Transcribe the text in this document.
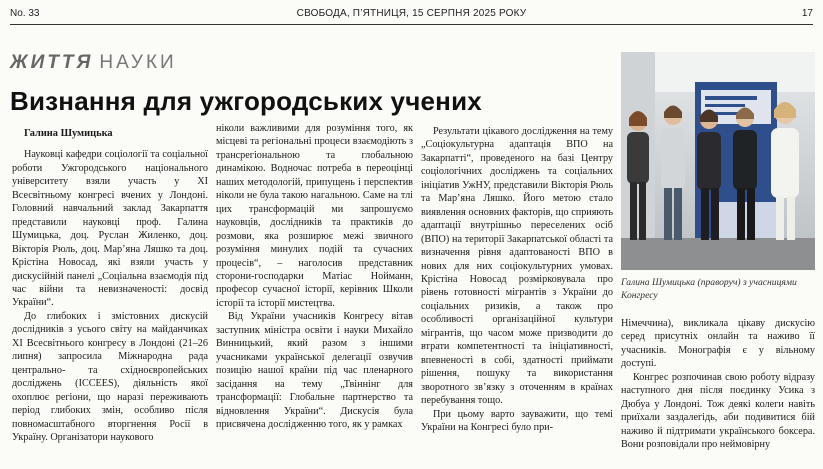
No. 33	СВОБОДА, П’ЯТНИЦЯ, 15 СЕРПНЯ 2025 РОКУ	17
ЖИТТЯ НАУКИ
Визнання для ужгородських учених

Галина Шумицька

Науковці кафедри соціології та соціальної роботи Ужгородського національного університету взяли участь у XI Всесвітньому конгресі вчених у Лондоні. Головний навчальний заклад Закарпаття представили науковці проф. Галина Шумицька, доц. Руслан Жиленко, доц. Вікторія Рюль, доц. Мар’яна Ляшко та доц. Крістіна Новосад, які взяли участь у дискусійній панелі „Соціальна взаємодія під час війни та невизначеності: досвід України“.

До глибоких і змістовних дискусій дослідників з усього світу на майданчиках XI Всесвітнього конгресу в Лондоні (21–26 липня) запросила Міжнародна рада центрально- та східноєвропейських досліджень (ICCEES), діяльність якої охоплює регіони, що наразі переживають період глибоких змін, особливо після повномасштабного вторгнення Росії в Україну. Організатори наукового

ніколи важливими для розуміння того, як місцеві та регіональні процеси взаємодіють з трансрегіональною та глобальною динамікою. Водночас потреба в переоцінці наших методологій, припущень і перспектив ніколи не була такою нагальною. Саме на тлі цих трансформацій ми запрошуємо науковців, дослідників та практиків до розмови, яка розширює межі звичного розуміння минулих подій та сучасних процесів“, – наголосив представник сторони-господарки Матіас Нойманн, професор сучасної історії, керівник Школи історії та історії мистецтва.

Від України учасників Конгресу вітав заступник міністра освіти і науки Михайло Винницький, який разом з іншими учасниками української делегації озвучив позицію нашої країни під час пленарного засідання на тему „Твіннінг для трансформації: Глобальне партнерство та відновлення України“. Дискусія була присвячена дослідженню того, як у рамках

Результати цікавого дослідження на тему „Соціокультурна адаптація ВПО на Закарпатті“, проведеного на базі Центру соціологічних досліджень та соціальних ініціатив УжНУ, представили Вікторія Рюль та Мар’яна Ляшко. Його метою стало виявлення основних факторів, що сприяють адаптації внутрішньо переселених осіб (ВПО) на території Закарпатської області та визначення рівня адаптованості ВПО в нових для них соціокультурних умовах. Крістіна Новосад розмірковувала про рівень готовності мігрантів з України до соціальних ризиків, а також про особливості організаційної культури мігрантів, що часом може призводити до втрати компетентності та ініціативності, впевненості в собі, здатності приймати рішення, пошуку та використання зворотного зв’язку з оточенням в країнах перебування тощо.

При цьому варто зауважити, що темі України на Конгресі було при-

Галина Шумицька (праворуч) з учасницями Конгресу

Німеччина), викликала цікаву дискусію серед присутніх онлайн та наживо її учасників. Монографія є у вільному доступі.

Конгрес розпочинав свою роботу відразу наступного дня після поєдинку Усика з Дюбуа у Лондоні. Тож деякі колеги навіть приїхали заздалегідь, аби подивитися бій наживо й підтримати українського боксера. Вони розповідали про неймовірну
